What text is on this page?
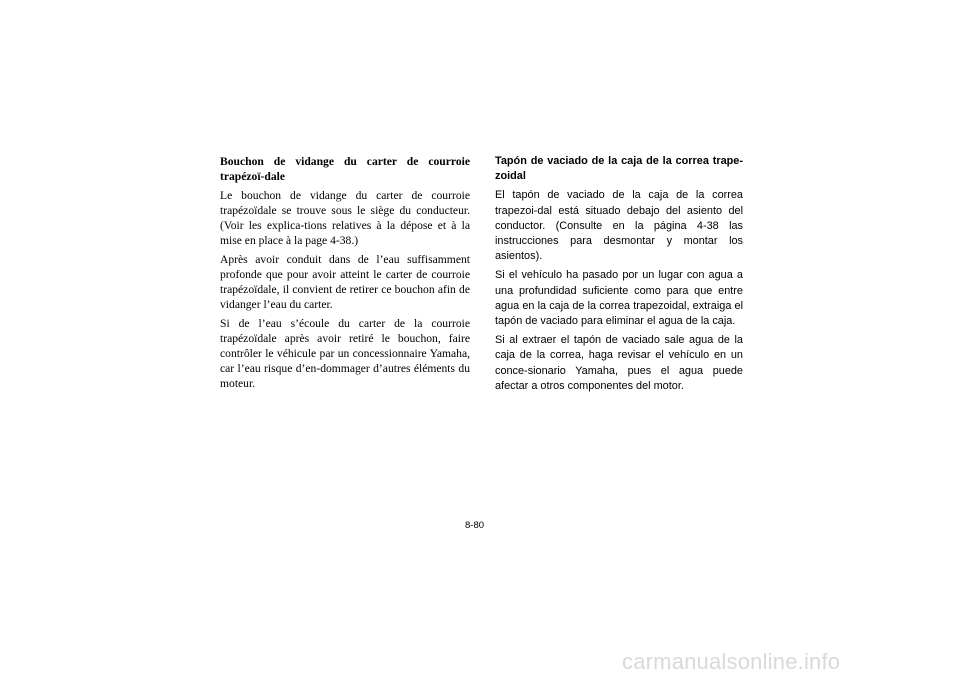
Bouchon de vidange du carter de courroie trapézoï-dale

Le bouchon de vidange du carter de courroie trapézoïdale se trouve sous le siège du conducteur. (Voir les explica-tions relatives à la dépose et à la mise en place à la page 4-38.)

Après avoir conduit dans de l’eau suffisamment profonde que pour avoir atteint le carter de courroie trapézoïdale, il convient de retirer ce bouchon afin de vidanger l’eau du carter.

Si de l’eau s’écoule du carter de la courroie trapézoïdale après avoir retiré le bouchon, faire contrôler le véhicule par un concessionnaire Yamaha, car l’eau risque d’en-dommager d’autres éléments du moteur.

Tapón de vaciado de la caja de la correa trape-zoidal

El tapón de vaciado de la caja de la correa trapezoi-dal está situado debajo del asiento del conductor. (Consulte en la página 4-38 las instrucciones para desmontar y montar los asientos).

Si el vehículo ha pasado por un lugar con agua a una profundidad suficiente como para que entre agua en la caja de la correa trapezoidal, extraiga el tapón de vaciado para eliminar el agua de la caja.

Si al extraer el tapón de vaciado sale agua de la caja de la correa, haga revisar el vehículo en un conce-sionario Yamaha, pues el agua puede afectar a otros componentes del motor.

8-80
carmanualsonline.info
